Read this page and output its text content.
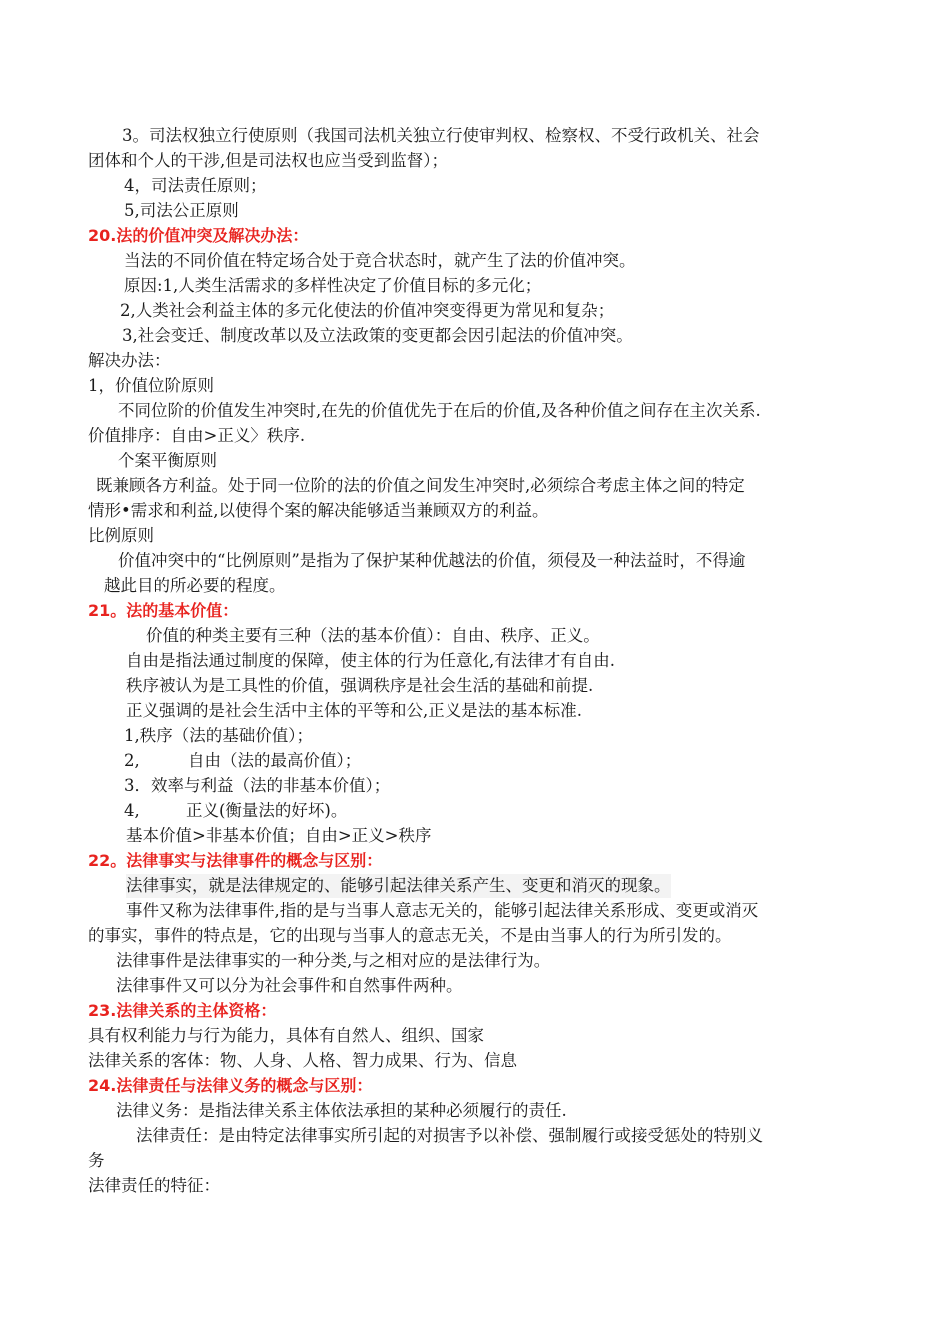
3。司法权独立行使原则（我国司法机关独立行使审判权、检察权、不受行政机关、社会
团体和个人的干涉,但是司法权也应当受到监督）；
4，司法责任原则；
5,司法公正原则
20.法的价值冲突及解决办法：
当法的不同价值在特定场合处于竞合状态时，就产生了法的价值冲突。
原因:1,人类生活需求的多样性决定了价值目标的多元化；
2,人类社会利益主体的多元化使法的价值冲突变得更为常见和复杂；
3,社会变迁、制度改革以及立法政策的变更都会因引起法的价值冲突。
解决办法：
1，价值位阶原则
不同位阶的价值发生冲突时,在先的价值优先于在后的价值,及各种价值之间存在主次关系.
价值排序：自由>正义〉秩序.
个案平衡原则
既兼顾各方利益。处于同一位阶的法的价值之间发生冲突时,必须综合考虑主体之间的特定
情形•需求和利益,以使得个案的解决能够适当兼顾双方的利益。
比例原则
价值冲突中的“比例原则”是指为了保护某种优越法的价值，须侵及一种法益时，不得逾
越此目的所必要的程度。
21。法的基本价值：
价值的种类主要有三种（法的基本价值）：自由、秩序、正义。
自由是指法通过制度的保障，使主体的行为任意化,有法律才有自由.
秩序被认为是工具性的价值，强调秩序是社会生活的基础和前提.
正义强调的是社会生活中主体的平等和公,正义是法的基本标准.
1,秩序（法的基础价值）；
2,	自由（法的最高价值）；
3．效率与利益（法的非基本价值）；
4,	正义(衡量法的好坏)。
基本价值>非基本价值；自由>正义>秩序
22。法律事实与法律事件的概念与区别：
法律事实，就是法律规定的、能够引起法律关系产生、变更和消灭的现象。
事件又称为法律事件,指的是与当事人意志无关的，能够引起法律关系形成、变更或消灭
的事实，事件的特点是，它的出现与当事人的意志无关，不是由当事人的行为所引发的。
法律事件是法律事实的一种分类,与之相对应的是法律行为。
法律事件又可以分为社会事件和自然事件两种。
23.法律关系的主体资格：
具有权利能力与行为能力，具体有自然人、组织、国家
法律关系的客体：物、人身、人格、智力成果、行为、信息
24.法律责任与法律义务的概念与区别：
法律义务：是指法律关系主体依法承担的某种必须履行的责任.
法律责任：是由特定法律事实所引起的对损害予以补偿、强制履行或接受惩处的特别义
务
法律责任的特征：
